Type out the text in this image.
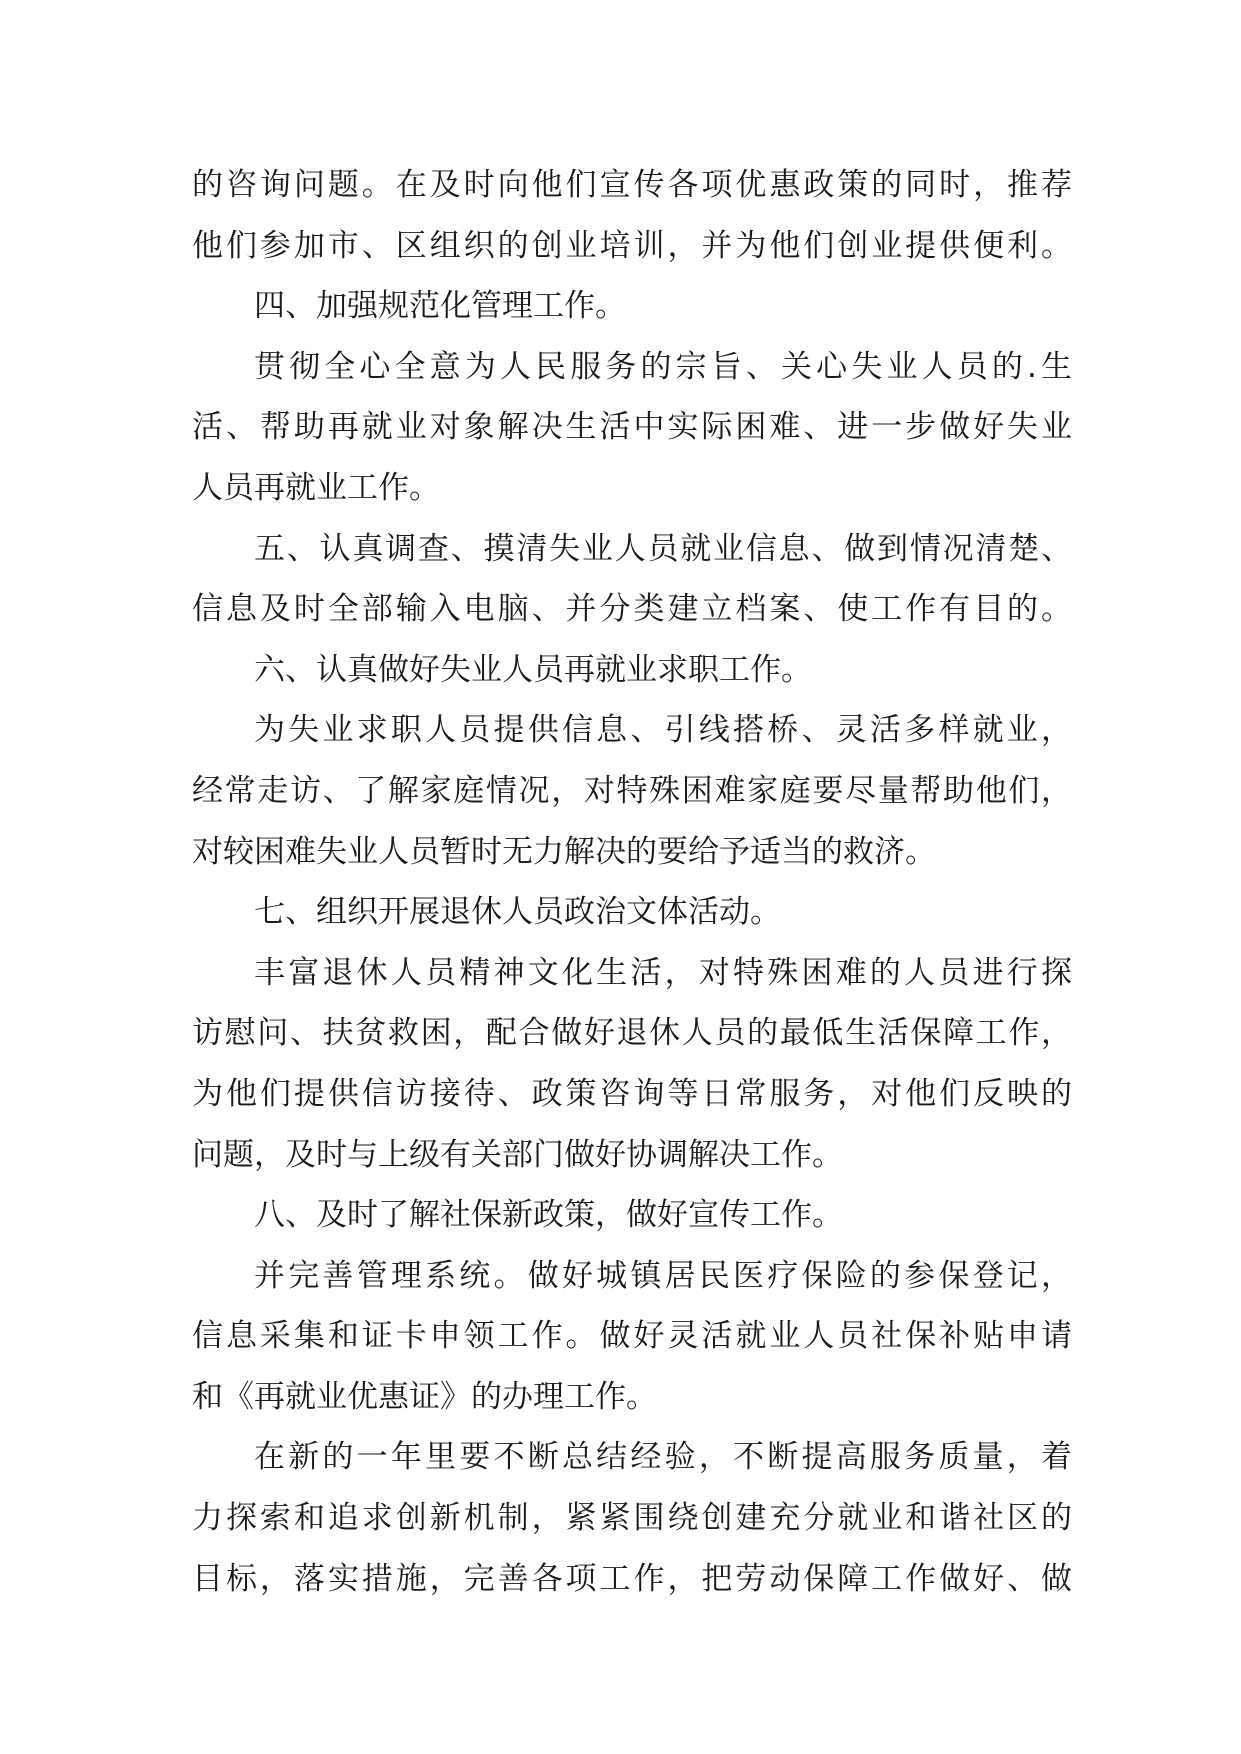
的咨询问题。在及时向他们宣传各项优惠政策的同时，推荐
他们参加市、区组织的创业培训，并为他们创业提供便利。
四、加强规范化管理工作。
贯彻全心全意为人民服务的宗旨、关心失业人员的.生
活、帮助再就业对象解决生活中实际困难、进一步做好失业
人员再就业工作。
五、认真调查、摸清失业人员就业信息、做到情况清楚、
信息及时全部输入电脑、并分类建立档案、使工作有目的。
六、认真做好失业人员再就业求职工作。
为失业求职人员提供信息、引线搭桥、灵活多样就业，
经常走访、了解家庭情况，对特殊困难家庭要尽量帮助他们，
对较困难失业人员暂时无力解决的要给予适当的救济。
七、组织开展退休人员政治文体活动。
丰富退休人员精神文化生活，对特殊困难的人员进行探
访慰问、扶贫救困，配合做好退休人员的最低生活保障工作，
为他们提供信访接待、政策咨询等日常服务，对他们反映的
问题，及时与上级有关部门做好协调解决工作。
八、及时了解社保新政策，做好宣传工作。
并完善管理系统。做好城镇居民医疗保险的参保登记，
信息采集和证卡申领工作。做好灵活就业人员社保补贴申请
和《再就业优惠证》的办理工作。
在新的一年里要不断总结经验，不断提高服务质量，着
力探索和追求创新机制，紧紧围绕创建充分就业和谐社区的
目标，落实措施，完善各项工作，把劳动保障工作做好、做
